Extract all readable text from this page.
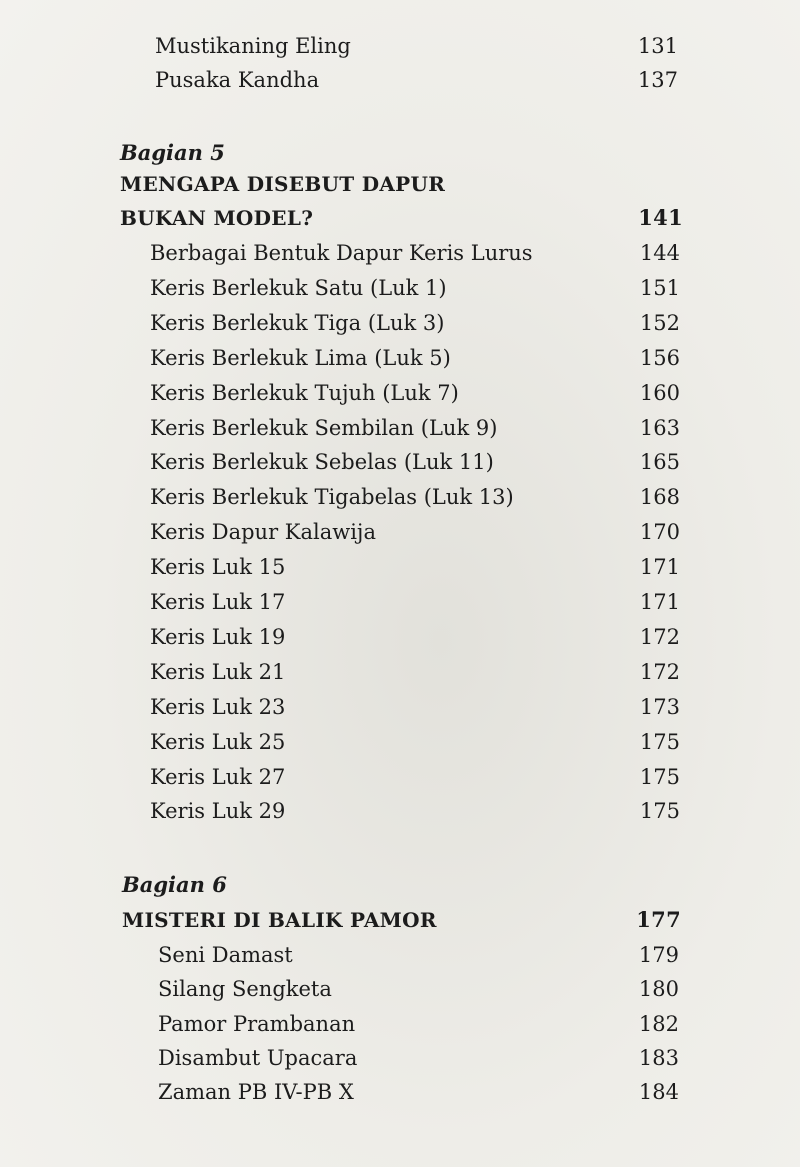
Mustikaning Eling	131
Pusaka Kandha	137
Bagian 5
MENGAPA DISEBUT DAPUR
BUKAN MODEL?	141
Berbagai Bentuk Dapur Keris Lurus	144
Keris Berlekuk Satu (Luk 1)	151
Keris Berlekuk Tiga (Luk 3)	152
Keris Berlekuk Lima (Luk 5)	156
Keris Berlekuk Tujuh (Luk 7)	160
Keris Berlekuk Sembilan (Luk 9)	163
Keris Berlekuk Sebelas (Luk 11)	165
Keris Berlekuk Tigabelas (Luk 13)	168
Keris Dapur Kalawija	170
Keris Luk 15	171
Keris Luk 17	171
Keris Luk 19	172
Keris Luk 21	172
Keris Luk 23	173
Keris Luk 25	175
Keris Luk 27	175
Keris Luk 29	175
Bagian 6
MISTERI DI BALIK PAMOR	177
Seni Damast	179
Silang Sengketa	180
Pamor Prambanan	182
Disambut Upacara	183
Zaman PB IV-PB X	184
